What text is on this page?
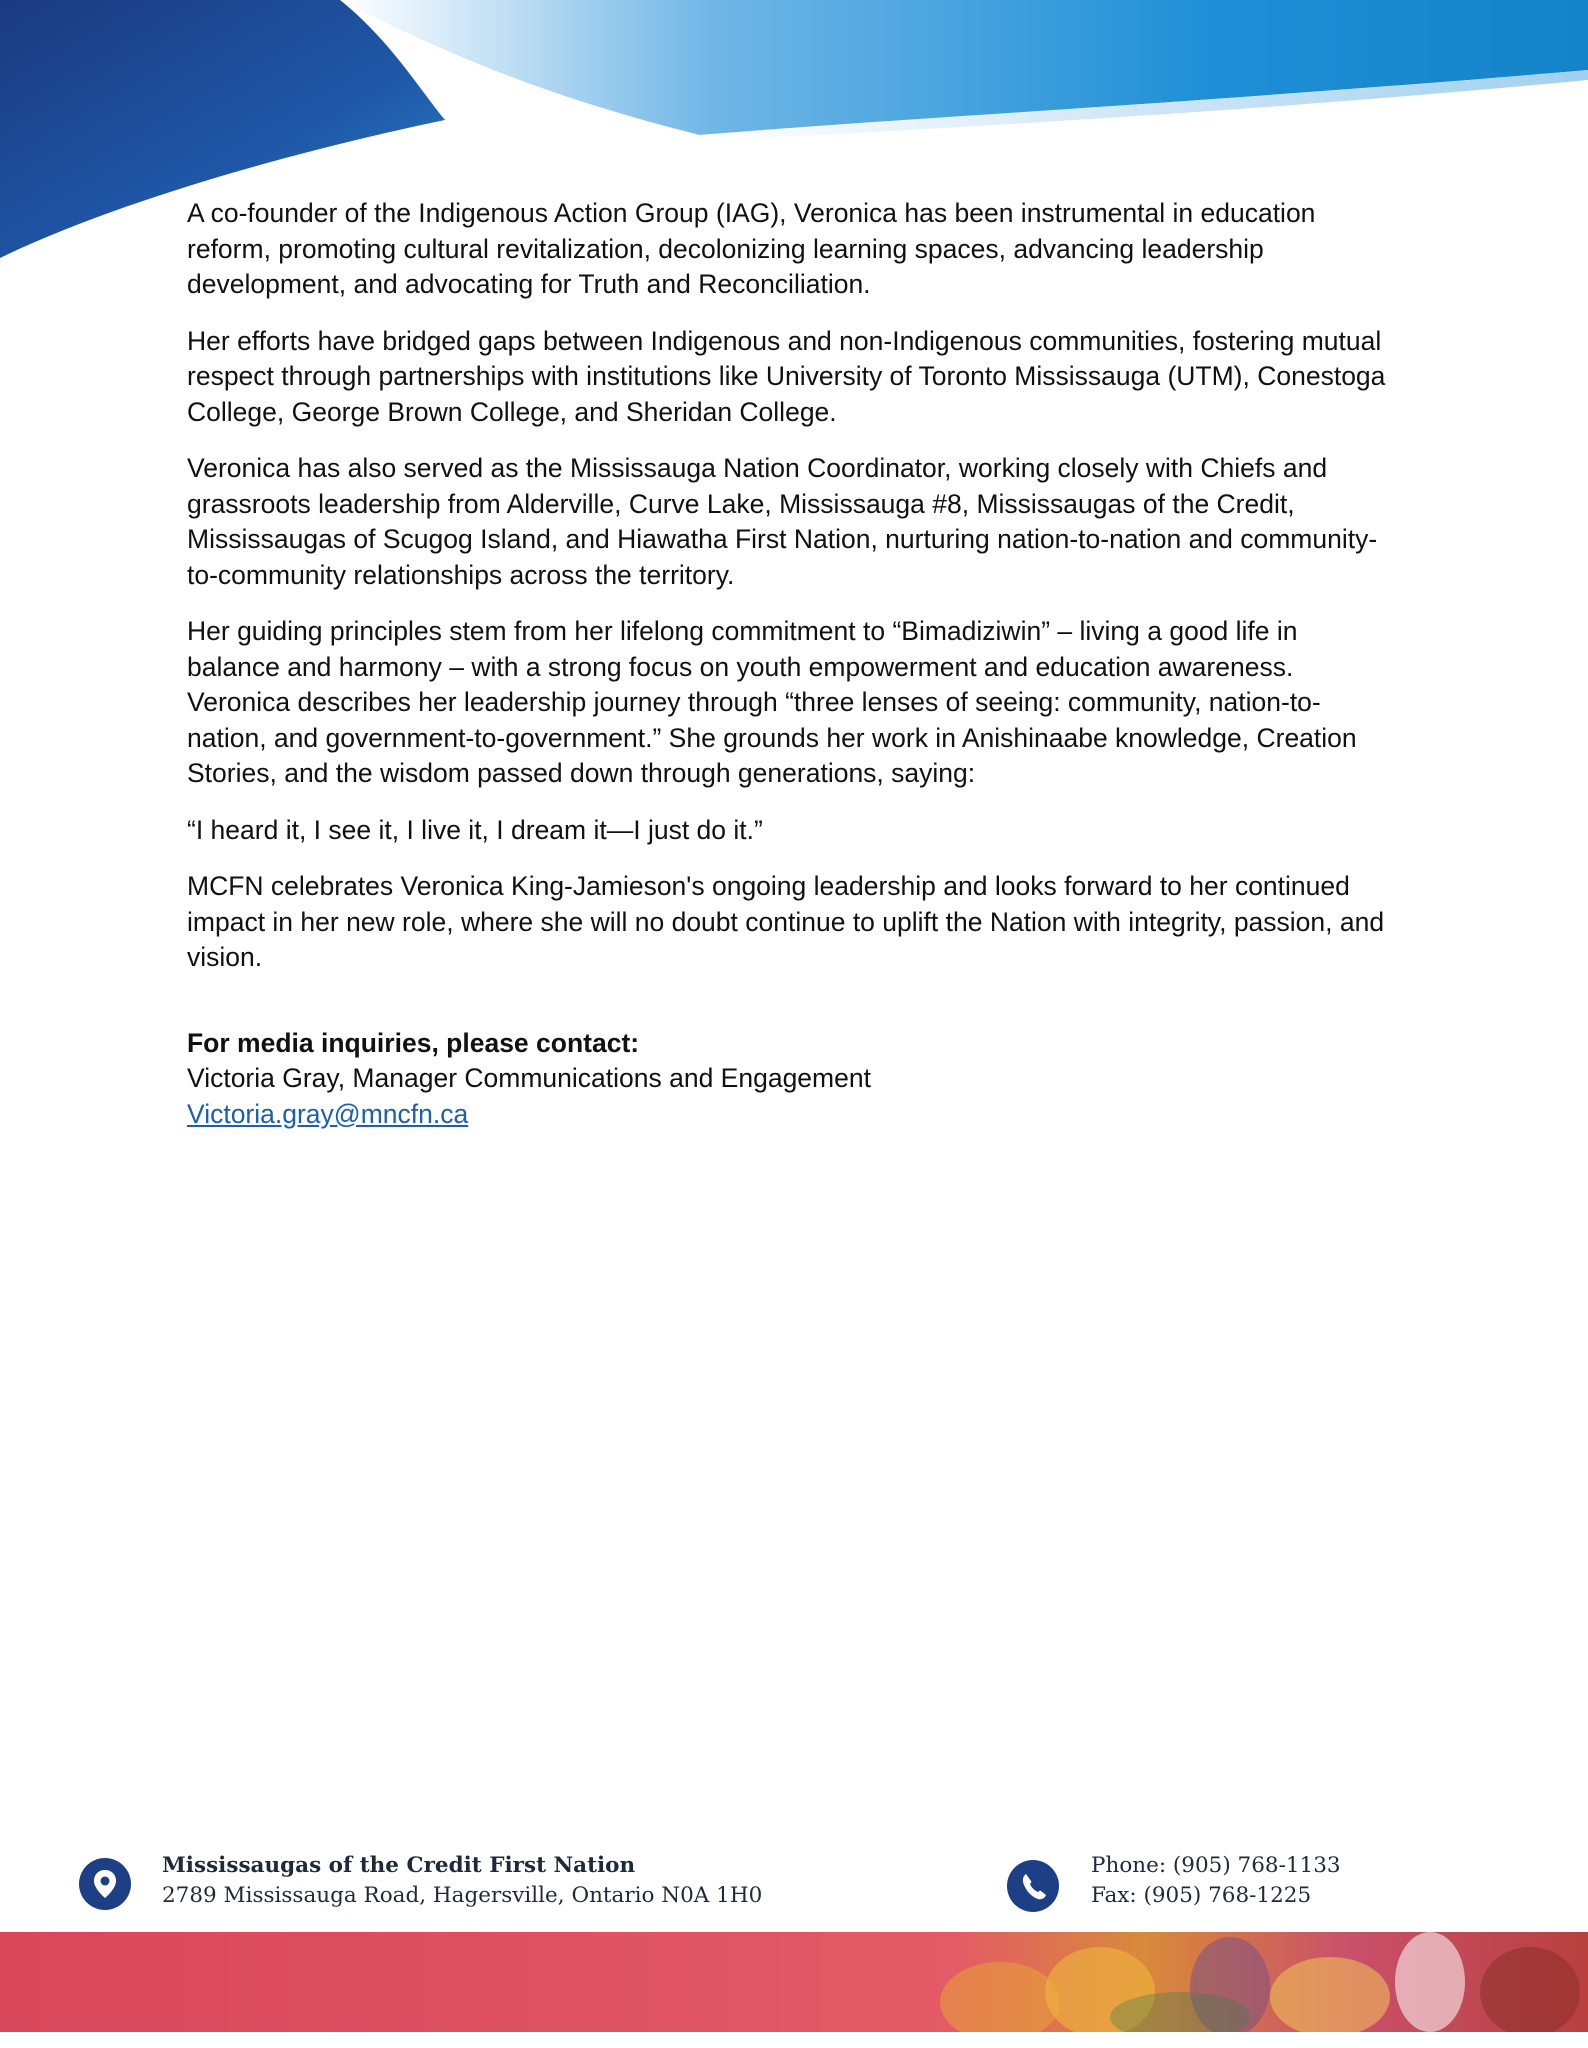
A co-founder of the Indigenous Action Group (IAG), Veronica has been instrumental in education reform, promoting cultural revitalization, decolonizing learning spaces, advancing leadership development, and advocating for Truth and Reconciliation.

Her efforts have bridged gaps between Indigenous and non-Indigenous communities, fostering mutual respect through partnerships with institutions like University of Toronto Mississauga (UTM), Conestoga College, George Brown College, and Sheridan College.

Veronica has also served as the Mississauga Nation Coordinator, working closely with Chiefs and grassroots leadership from Alderville, Curve Lake, Mississauga #8, Mississaugas of the Credit, Mississaugas of Scugog Island, and Hiawatha First Nation, nurturing nation-to-nation and community-to-community relationships across the territory.

Her guiding principles stem from her lifelong commitment to “Bimadiziwin” – living a good life in balance and harmony – with a strong focus on youth empowerment and education awareness. Veronica describes her leadership journey through “three lenses of seeing: community, nation-to-nation, and government-to-government.” She grounds her work in Anishinaabe knowledge, Creation Stories, and the wisdom passed down through generations, saying:

“I heard it, I see it, I live it, I dream it—I just do it.”

MCFN celebrates Veronica King-Jamieson's ongoing leadership and looks forward to her continued impact in her new role, where she will no doubt continue to uplift the Nation with integrity, passion, and vision.

For media inquiries, please contact:
Victoria Gray, Manager Communications and Engagement
Victoria.gray@mncfn.ca
Mississaugas of the Credit First Nation
2789 Mississauga Road, Hagersville, Ontario N0A 1H0
Phone: (905) 768-1133
Fax: (905) 768-1225
